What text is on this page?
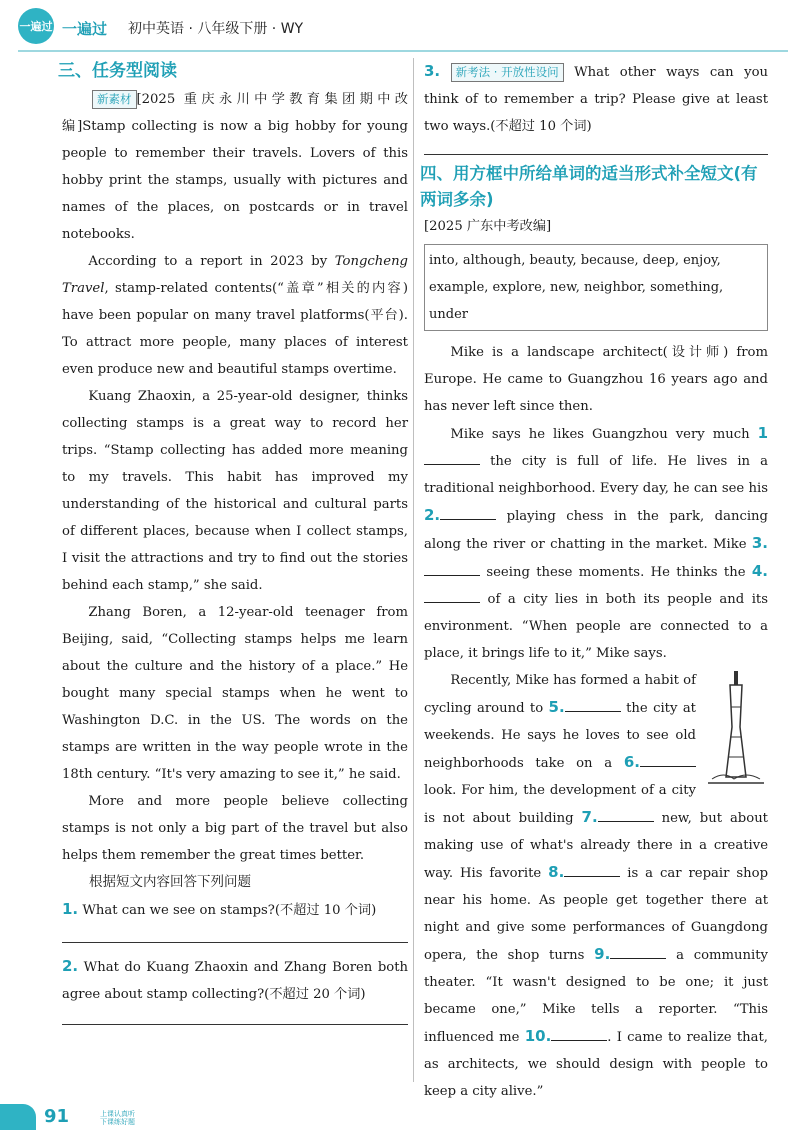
一遍过 一遍过 初中英语 · 八年级下册 · WY
三、任务型阅读

新素材 [2025 重庆永川中学教育集团期中改编]Stamp collecting is now a big hobby for young people to remember their travels. Lovers of this hobby print the stamps, usually with pictures and names of the places, on postcards or in travel notebooks.

According to a report in 2023 by Tongcheng Travel, stamp-related contents(“盖章”相关的内容) have been popular on many travel platforms(平台). To attract more people, many places of interest even produce new and beautiful stamps overtime.

Kuang Zhaoxin, a 25-year-old designer, thinks collecting stamps is a great way to record her trips. “Stamp collecting has added more meaning to my travels. This habit has improved my understanding of the historical and cultural parts of different places, because when I collect stamps, I visit the attractions and try to find out the stories behind each stamp,” she said.

Zhang Boren, a 12-year-old teenager from Beijing, said, “Collecting stamps helps me learn about the culture and the history of a place.” He bought many special stamps when he went to Washington D.C. in the US. The words on the stamps are written in the way people wrote in the 18th century. “It's very amazing to see it,” he said.

More and more people believe collecting stamps is not only a big part of the travel but also helps them remember the great times better.

根据短文内容回答下列问题

1. What can we see on stamps?(不超过 10 个词)

2. What do Kuang Zhaoxin and Zhang Boren both agree about stamp collecting?(不超过 20 个词)

3. 新考法 · 开放性设问 What other ways can you think of to remember a trip? Please give at least two ways.(不超过 10 个词)

四、用方框中所给单词的适当形式补全短文(有两词多余)

[2025 广东中考改编]

into, although, beauty, because, deep, enjoy, example, explore, new, neighbor, something, under

Mike is a landscape architect(设计师) from Europe. He came to Guangzhou 16 years ago and has never left since then.

Mike says he likes Guangzhou very much 1 the city is full of life. He lives in a traditional neighborhood. Every day, he can see his 2.	playing chess in the park, dancing along the river or chatting in the market. Mike 3. seeing these moments. He thinks the 4. of a city lies in both its people and its environment. “When people are connected to a place, it brings life to it,” Mike says.

Recently, Mike has formed a habit of cycling around to 5.	the city at weekends. He says he loves to see old neighborhoods take on a 6. look. For him, the development of a city is not about building 7.	new, but about making use of what's already there in a creative way. His favorite 8.	is a car repair shop near his home. As people get together there at night and give some performances of Guangdong opera, the shop turns 9.	a community theater. “It wasn't designed to be one; it just became one,” Mike tells a reporter. “This influenced me 10.	. I came to realize that, as architects, we should design with people to keep a city alive.”

91	上课认真听
下课练好题
